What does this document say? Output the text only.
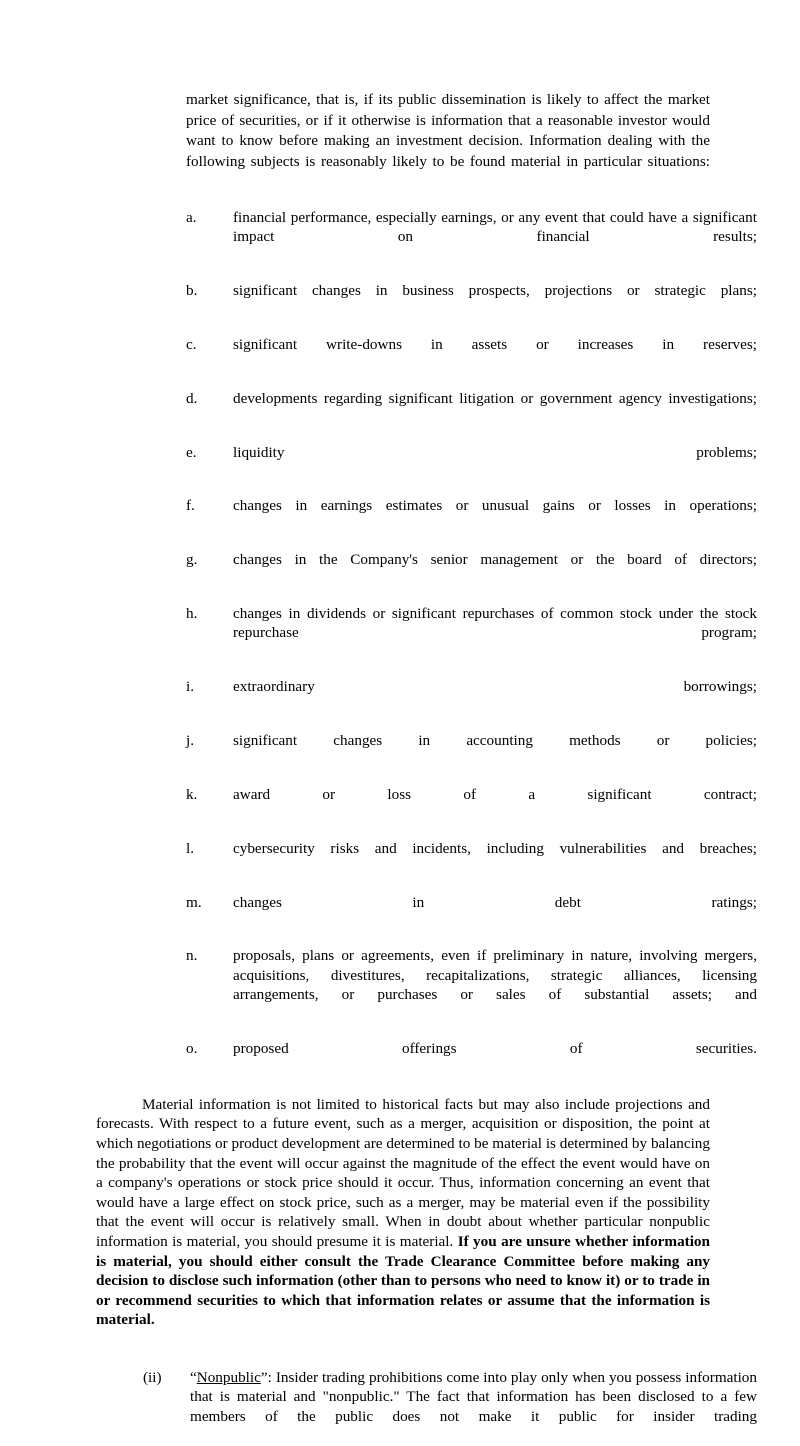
market significance, that is, if its public dissemination is likely to affect the market price of securities, or if it otherwise is information that a reasonable investor would want to know before making an investment decision. Information dealing with the following subjects is reasonably likely to be found material in particular situations:

a.	financial performance, especially earnings, or any event that could have a significant impact on financial results;
b.	significant changes in business prospects, projections or strategic plans;
c.	significant write-downs in assets or increases in reserves;
d.	developments regarding significant litigation or government agency investigations;
e.	liquidity problems;
f.	changes in earnings estimates or unusual gains or losses in operations;
g.	changes in the Company's senior management or the board of directors;
h.	changes in dividends or significant repurchases of common stock under the stock repurchase program;
i.	extraordinary borrowings;
j.	significant changes in accounting methods or policies;
k.	award or loss of a significant contract;
l.	cybersecurity risks and incidents, including vulnerabilities and breaches;
m.	changes in debt ratings;
n.	proposals, plans or agreements, even if preliminary in nature, involving mergers, acquisitions, divestitures, recapitalizations, strategic alliances, licensing arrangements, or purchases or sales of substantial assets; and
o.	proposed offerings of securities.

Material information is not limited to historical facts but may also include projections and forecasts. With respect to a future event, such as a merger, acquisition or disposition, the point at which negotiations or product development are determined to be material is determined by balancing the probability that the event will occur against the magnitude of the effect the event would have on a company's operations or stock price should it occur. Thus, information concerning an event that would have a large effect on stock price, such as a merger, may be material even if the possibility that the event will occur is relatively small. When in doubt about whether particular nonpublic information is material, you should presume it is material. If you are unsure whether information is material, you should either consult the Trade Clearance Committee before making any decision to disclose such information (other than to persons who need to know it) or to trade in or recommend securities to which that information relates or assume that the information is material.

(ii)	“Nonpublic”: Insider trading prohibitions come into play only when you possess information that is material and "nonpublic." The fact that information has been disclosed to a few members of the public does not make it public for insider trading
